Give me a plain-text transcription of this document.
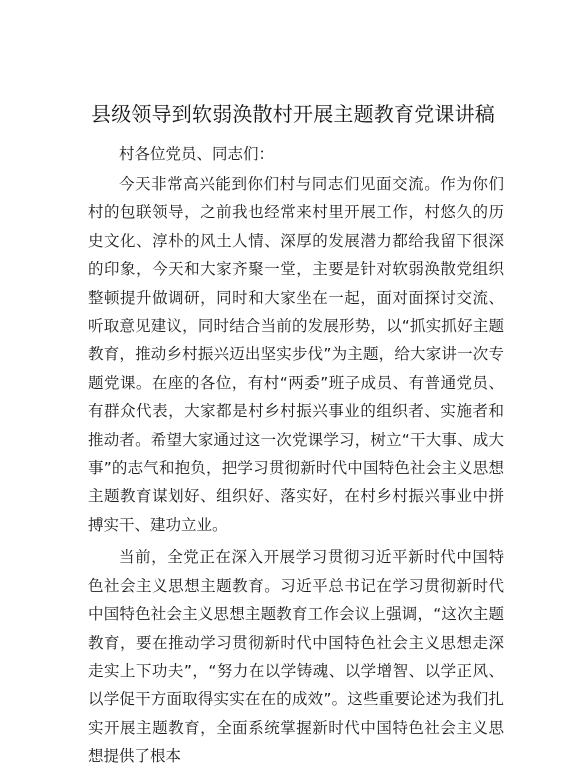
县级领导到软弱涣散村开展主题教育党课讲稿

村各位党员、同志们：

今天非常高兴能到你们村与同志们见面交流。作为你们村的包联领导，之前我也经常来村里开展工作，村悠久的历史文化、淳朴的风土人情、深厚的发展潜力都给我留下很深的印象，今天和大家齐聚一堂，主要是针对软弱涣散党组织整顿提升做调研，同时和大家坐在一起，面对面探讨交流、听取意见建议，同时结合当前的发展形势，以“抓实抓好主题教育，推动乡村振兴迈出坚实步伐”为主题，给大家讲一次专题党课。在座的各位，有村“两委”班子成员、有普通党员、有群众代表，大家都是村乡村振兴事业的组织者、实施者和推动者。希望大家通过这一次党课学习，树立“干大事、成大事”的志气和抱负，把学习贯彻新时代中国特色社会主义思想主题教育谋划好、组织好、落实好，在村乡村振兴事业中拼搏实干、建功立业。

当前，全党正在深入开展学习贯彻习近平新时代中国特色社会主义思想主题教育。习近平总书记在学习贯彻新时代中国特色社会主义思想主题教育工作会议上强调，“这次主题教育，要在推动学习贯彻新时代中国特色社会主义思想走深走实上下功夫”，“努力在以学铸魂、以学增智、以学正风、以学促干方面取得实实在在的成效”。这些重要论述为我们扎实开展主题教育，全面系统掌握新时代中国特色社会主义思想提供了根本
